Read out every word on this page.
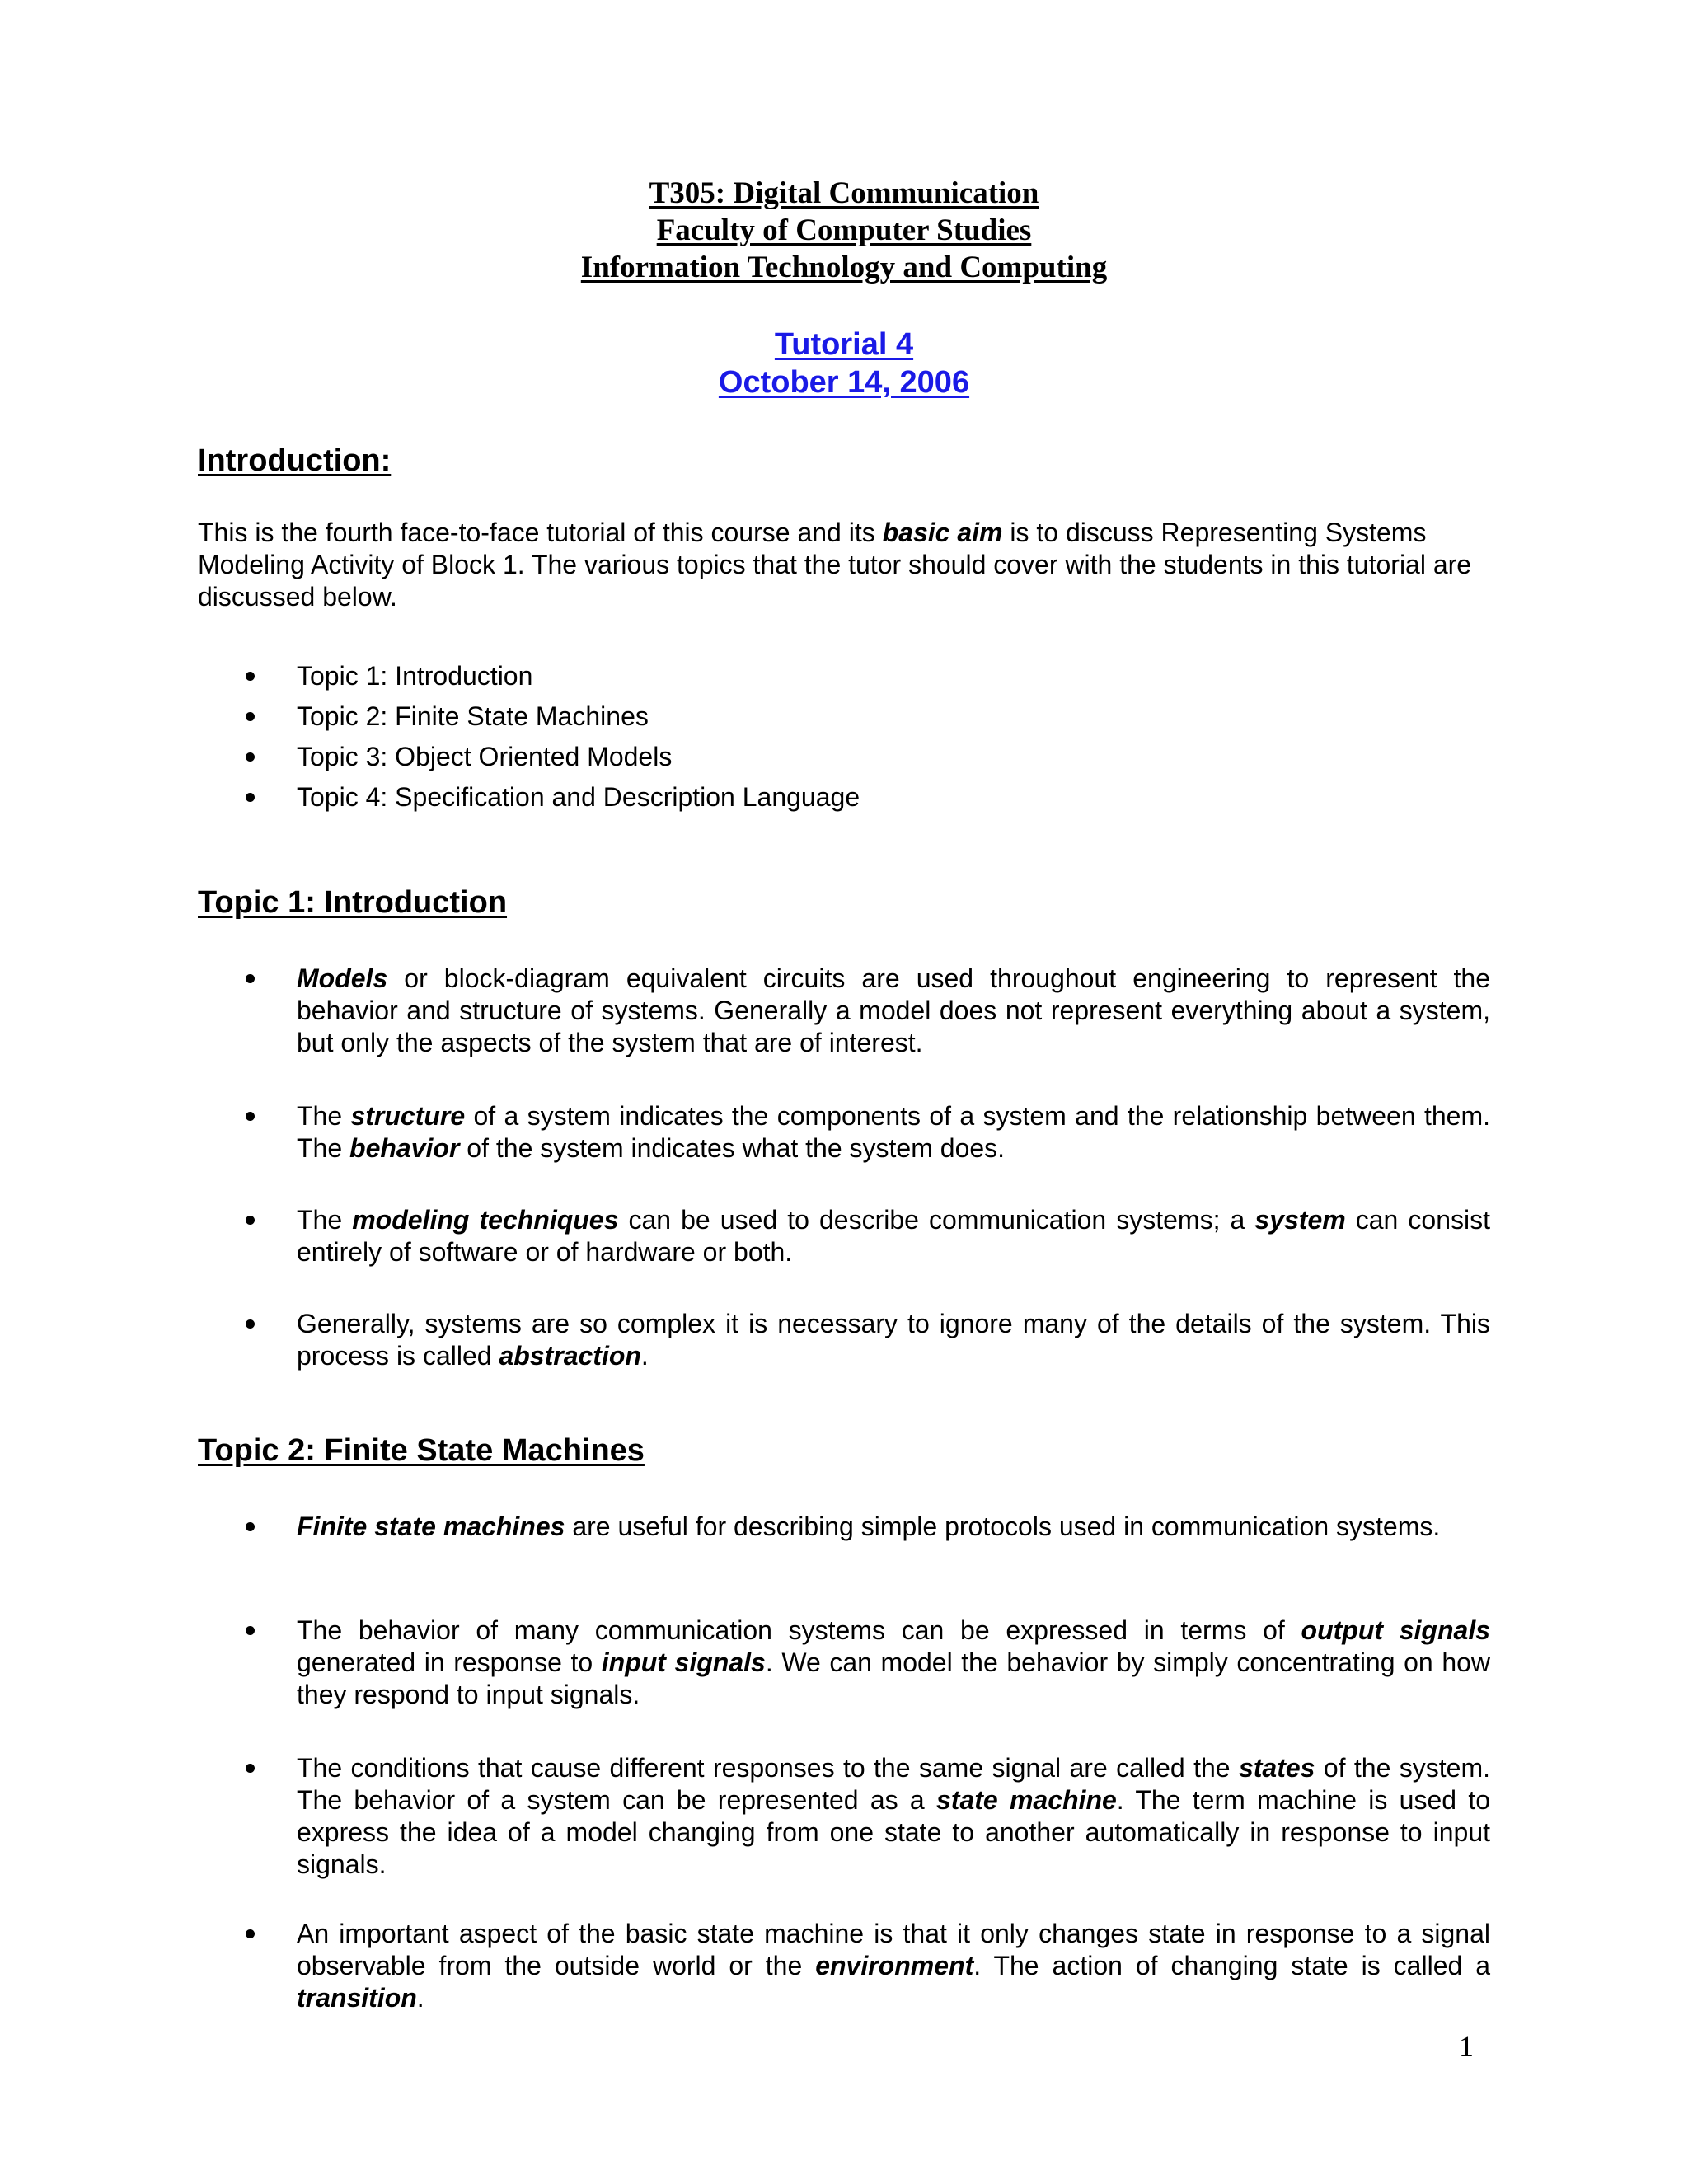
T305: Digital Communication
Faculty of Computer Studies
Information Technology and Computing
Tutorial 4
October 14, 2006
Introduction:

This is the fourth face-to-face tutorial of this course and its basic aim is to discuss Representing Systems Modeling Activity of Block 1. The various topics that the tutor should cover with the students in this tutorial are discussed below.

Topic 1: Introduction
Topic 2: Finite State Machines
Topic 3: Object Oriented Models
Topic 4: Specification and Description Language
Topic 1: Introduction
Models or block-diagram equivalent circuits are used throughout engineering to represent the behavior and structure of systems. Generally a model does not represent everything about a system, but only the aspects of the system that are of interest.
The structure of a system indicates the components of a system and the relationship between them. The behavior of the system indicates what the system does.
The modeling techniques can be used to describe communication systems; a system can consist entirely of software or of hardware or both.
Generally, systems are so complex it is necessary to ignore many of the details of the system. This process is called abstraction.
Topic 2: Finite State Machines
Finite state machines are useful for describing simple protocols used in communication systems.
The behavior of many communication systems can be expressed in terms of output signals generated in response to input signals. We can model the behavior by simply concentrating on how they respond to input signals.
The conditions that cause different responses to the same signal are called the states of the system. The behavior of a system can be represented as a state machine. The term machine is used to express the idea of a model changing from one state to another automatically in response to input signals.
An important aspect of the basic state machine is that it only changes state in response to a signal observable from the outside world or the environment. The action of changing state is called a transition.
1
